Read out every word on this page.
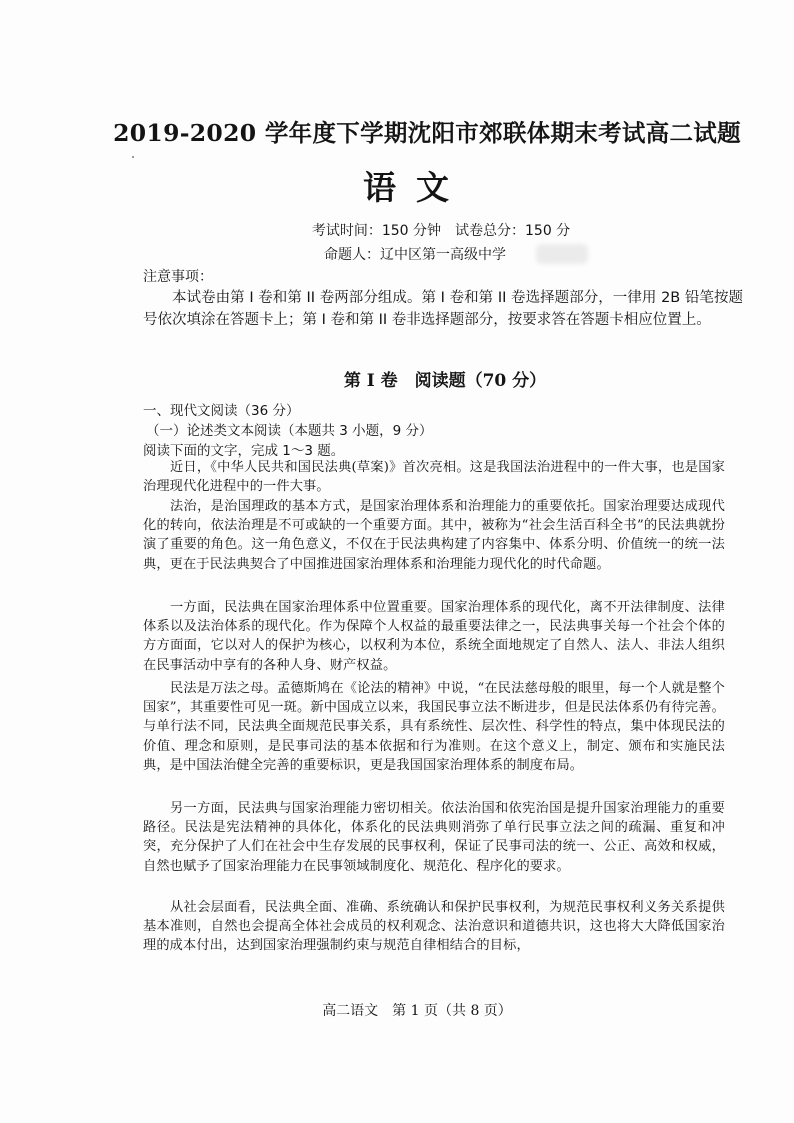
2019-2020 学年度下学期沈阳市郊联体期末考试高二试题
语文
考试时间：150 分钟　试卷总分：150 分
命题人：辽中区第一高级中学
注意事项：

本试卷由第 I 卷和第 II 卷两部分组成。第 I 卷和第 II 卷选择题部分，一律用 2B 铅笔按题号依次填涂在答题卡上；第 I 卷和第 II 卷非选择题部分，按要求答在答题卡相应位置上。

第 I 卷　阅读题（70 分）
一、现代文阅读（36 分）
（一）论述类文本阅读（本题共 3 小题，9 分）
阅读下面的文字，完成 1～3 题。

近日，《中华人民共和国民法典(草案)》首次亮相。这是我国法治进程中的一件大事，也是国家治理现代化进程中的一件大事。

法治，是治国理政的基本方式，是国家治理体系和治理能力的重要依托。国家治理要达成现代化的转向，依法治理是不可或缺的一个重要方面。其中，被称为“社会生活百科全书”的民法典就扮演了重要的角色。这一角色意义，不仅在于民法典构建了内容集中、体系分明、价值统一的统一法典，更在于民法典契合了中国推进国家治理体系和治理能力现代化的时代命题。

一方面，民法典在国家治理体系中位置重要。国家治理体系的现代化，离不开法律制度、法律体系以及法治体系的现代化。作为保障个人权益的最重要法律之一，民法典事关每一个社会个体的方方面面，它以对人的保护为核心，以权利为本位，系统全面地规定了自然人、法人、非法人组织在民事活动中享有的各种人身、财产权益。

民法是万法之母。孟德斯鸠在《论法的精神》中说，“在民法慈母般的眼里，每一个人就是整个国家”，其重要性可见一斑。新中国成立以来，我国民事立法不断进步，但是民法体系仍有待完善。与单行法不同，民法典全面规范民事关系，具有系统性、层次性、科学性的特点，集中体现民法的价值、理念和原则，是民事司法的基本依据和行为准则。在这个意义上，制定、颁布和实施民法典，是中国法治健全完善的重要标识，更是我国国家治理体系的制度布局。

另一方面，民法典与国家治理能力密切相关。依法治国和依宪治国是提升国家治理能力的重要路径。民法是宪法精神的具体化，体系化的民法典则消弥了单行民事立法之间的疏漏、重复和冲突，充分保护了人们在社会中生存发展的民事权利，保证了民事司法的统一、公正、高效和权威，自然也赋予了国家治理能力在民事领域制度化、规范化、程序化的要求。

从社会层面看，民法典全面、准确、系统确认和保护民事权利，为规范民事权利义务关系提供基本准则，自然也会提高全体社会成员的权利观念、法治意识和道德共识，这也将大大降低国家治理的成本付出，达到国家治理强制约束与规范自律相结合的目标，

高二语文　第 1 页（共 8 页）
